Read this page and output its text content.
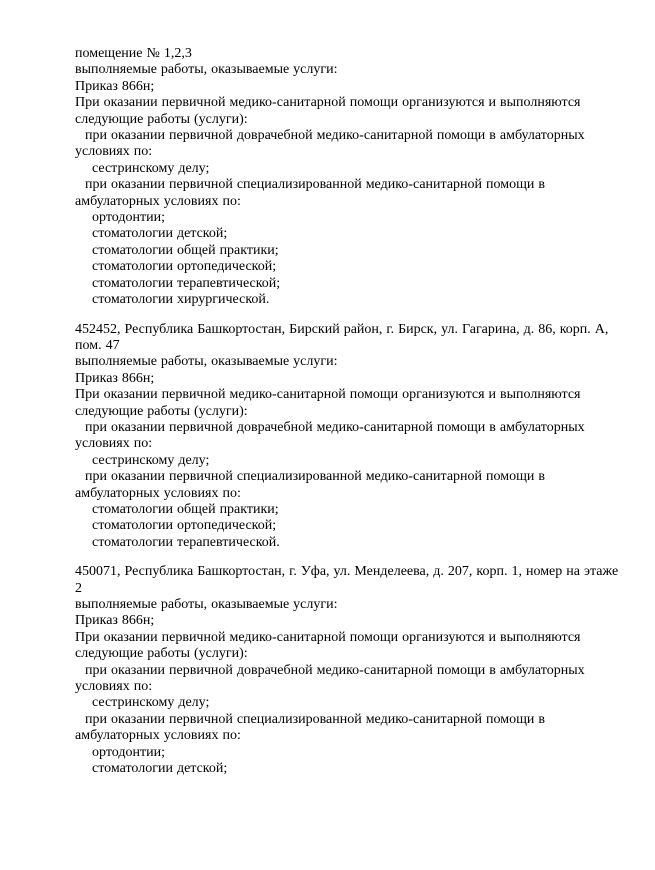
помещение № 1,2,3

выполняемые работы, оказываемые услуги:

Приказ 866н;

При оказании первичной медико-санитарной помощи организуются и выполняются следующие работы (услуги):

при оказании первичной доврачебной медико-санитарной помощи в амбулаторных условиях по:

сестринскому делу;

при оказании первичной специализированной медико-санитарной помощи в амбулаторных условиях по:

ортодонтии;

стоматологии детской;

стоматологии общей практики;

стоматологии ортопедической;

стоматологии терапевтической;

стоматологии хирургической.

452452, Республика Башкортостан, Бирский район, г. Бирск, ул. Гагарина, д. 86, корп. А, пом. 47

выполняемые работы, оказываемые услуги:

Приказ 866н;

При оказании первичной медико-санитарной помощи организуются и выполняются следующие работы (услуги):

при оказании первичной доврачебной медико-санитарной помощи в амбулаторных условиях по:

сестринскому делу;

при оказании первичной специализированной медико-санитарной помощи в амбулаторных условиях по:

стоматологии общей практики;

стоматологии ортопедической;

стоматологии терапевтической.

450071, Республика Башкортостан, г. Уфа, ул. Менделеева, д. 207, корп. 1, номер на этаже 2

выполняемые работы, оказываемые услуги:

Приказ 866н;

При оказании первичной медико-санитарной помощи организуются и выполняются следующие работы (услуги):

при оказании первичной доврачебной медико-санитарной помощи в амбулаторных условиях по:

сестринскому делу;

при оказании первичной специализированной медико-санитарной помощи в амбулаторных условиях по:

ортодонтии;

стоматологии детской;
